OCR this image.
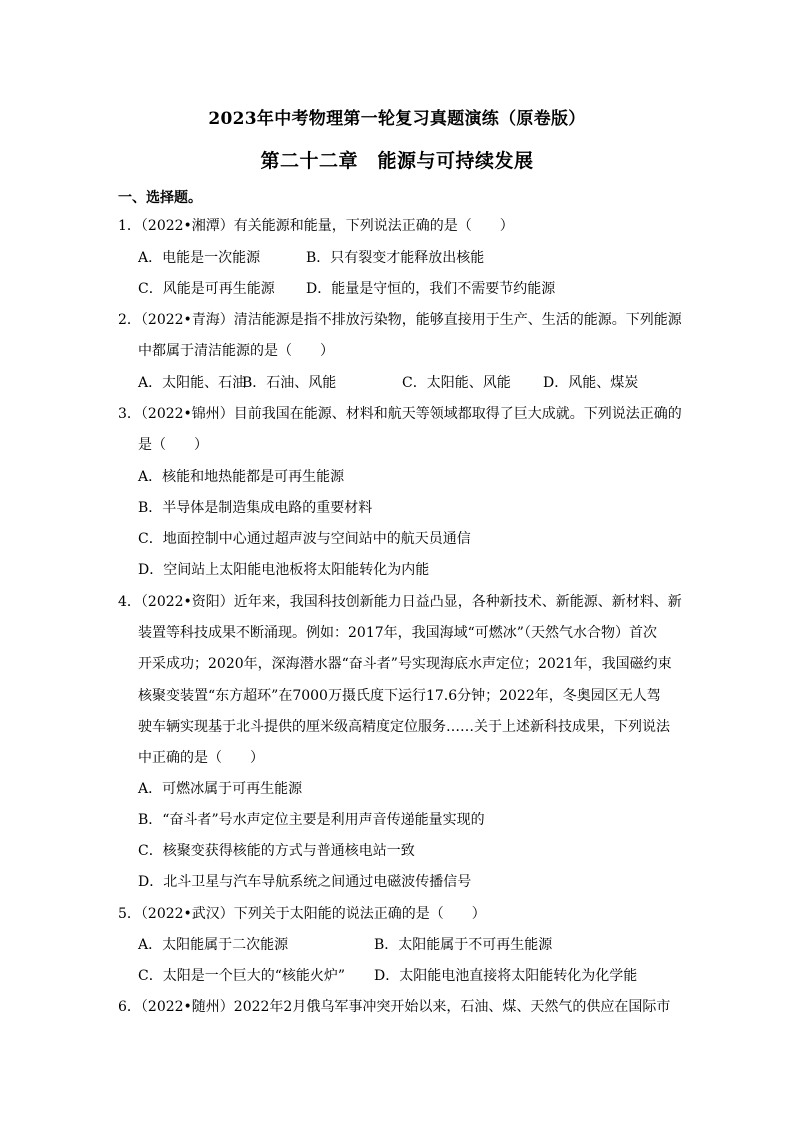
2023年中考物理第一轮复习真题演练（原卷版）
第二十二章　能源与可持续发展
一、选择题。
1．（2022•湘潭）有关能源和能量，下列说法正确的是（　　）
A．电能是一次能源	B．只有裂变才能释放出核能
C．风能是可再生能源 D．能量是守恒的，我们不需要节约能源
2．（2022•青海）清洁能源是指不排放污染物，能够直接用于生产、生活的能源。下列能源
中都属于清洁能源的是（　　）
A．太阳能、石油
B．石油、风能	C．太阳能、风能 D．风能、煤炭
3．（2022•锦州）目前我国在能源、材料和航天等领域都取得了巨大成就。下列说法正确的
是（　　）
A．核能和地热能都是可再生能源
B．半导体是制造集成电路的重要材料
C．地面控制中心通过超声波与空间站中的航天员通信
D．空间站上太阳能电池板将太阳能转化为内能
4．（2022•资阳）近年来，我国科技创新能力日益凸显，各种新技术、新能源、新材料、新
装置等科技成果不断涌现。例如：2017年，我国海域“可燃冰”（天然气水合物）首次
开采成功；2020年，深海潜水器“奋斗者”号实现海底水声定位；2021年，我国磁约束
核聚变装置“东方超环”在7000万摄氏度下运行17.6分钟；2022年，冬奥园区无人驾
驶车辆实现基于北斗提供的厘米级高精度定位服务……关于上述新科技成果，下列说法
中正确的是（　　）
A．可燃冰属于可再生能源
B．“奋斗者”号水声定位主要是利用声音传递能量实现的
C．核聚变获得核能的方式与普通核电站一致
D．北斗卫星与汽车导航系统之间通过电磁波传播信号
5．（2022•武汉）下列关于太阳能的说法正确的是（　　）
A．太阳能属于二次能源	B．太阳能属于不可再生能源
C．太阳是一个巨大的“核能火炉” D．太阳能电池直接将太阳能转化为化学能
6．（2022•随州）2022年2月俄乌军事冲突开始以来，石油、煤、天然气的供应在国际市
